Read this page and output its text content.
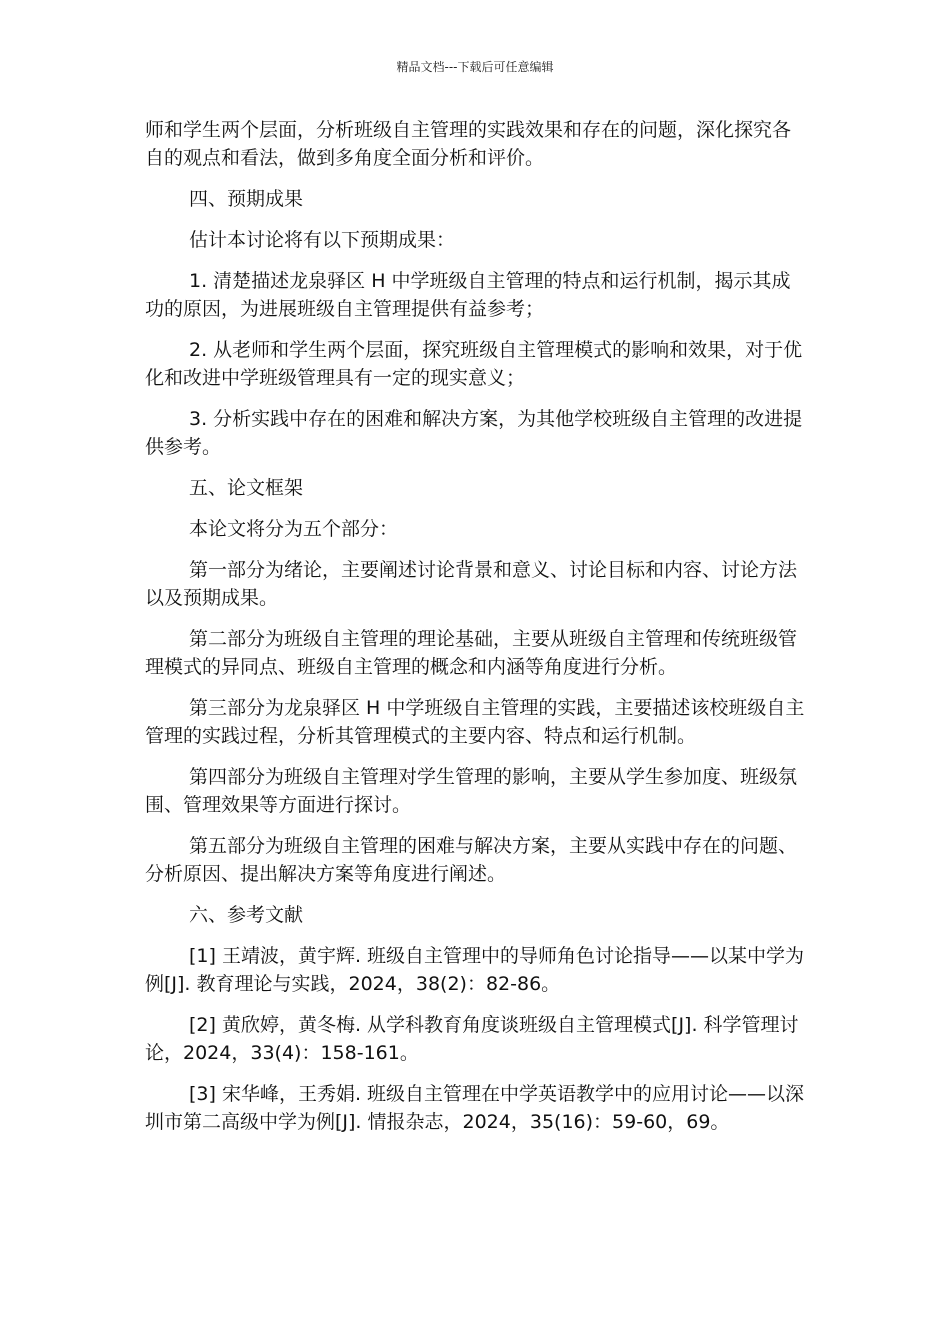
精品文档---下载后可任意编辑

师和学生两个层面，分析班级自主管理的实践效果和存在的问题，深化探究各自的观点和看法，做到多角度全面分析和评价。

四、预期成果

估计本讨论将有以下预期成果：

1. 清楚描述龙泉驿区 H 中学班级自主管理的特点和运行机制，揭示其成功的原因，为进展班级自主管理提供有益参考；

2. 从老师和学生两个层面，探究班级自主管理模式的影响和效果，对于优化和改进中学班级管理具有一定的现实意义；

3. 分析实践中存在的困难和解决方案，为其他学校班级自主管理的改进提供参考。

五、论文框架

本论文将分为五个部分：

第一部分为绪论，主要阐述讨论背景和意义、讨论目标和内容、讨论方法以及预期成果。

第二部分为班级自主管理的理论基础，主要从班级自主管理和传统班级管理模式的异同点、班级自主管理的概念和内涵等角度进行分析。

第三部分为龙泉驿区 H 中学班级自主管理的实践，主要描述该校班级自主管理的实践过程，分析其管理模式的主要内容、特点和运行机制。

第四部分为班级自主管理对学生管理的影响，主要从学生参加度、班级氛围、管理效果等方面进行探讨。

第五部分为班级自主管理的困难与解决方案，主要从实践中存在的问题、分析原因、提出解决方案等角度进行阐述。

六、参考文献

[1] 王靖波，黄宇辉. 班级自主管理中的导师角色讨论指导——以某中学为例[J]. 教育理论与实践，2024，38(2)：82-86。

[2] 黄欣婷，黄冬梅. 从学科教育角度谈班级自主管理模式[J]. 科学管理讨论，2024，33(4)：158-161。

[3] 宋华峰，王秀娟. 班级自主管理在中学英语教学中的应用讨论——以深圳市第二高级中学为例[J]. 情报杂志，2024，35(16)：59-60，69。
